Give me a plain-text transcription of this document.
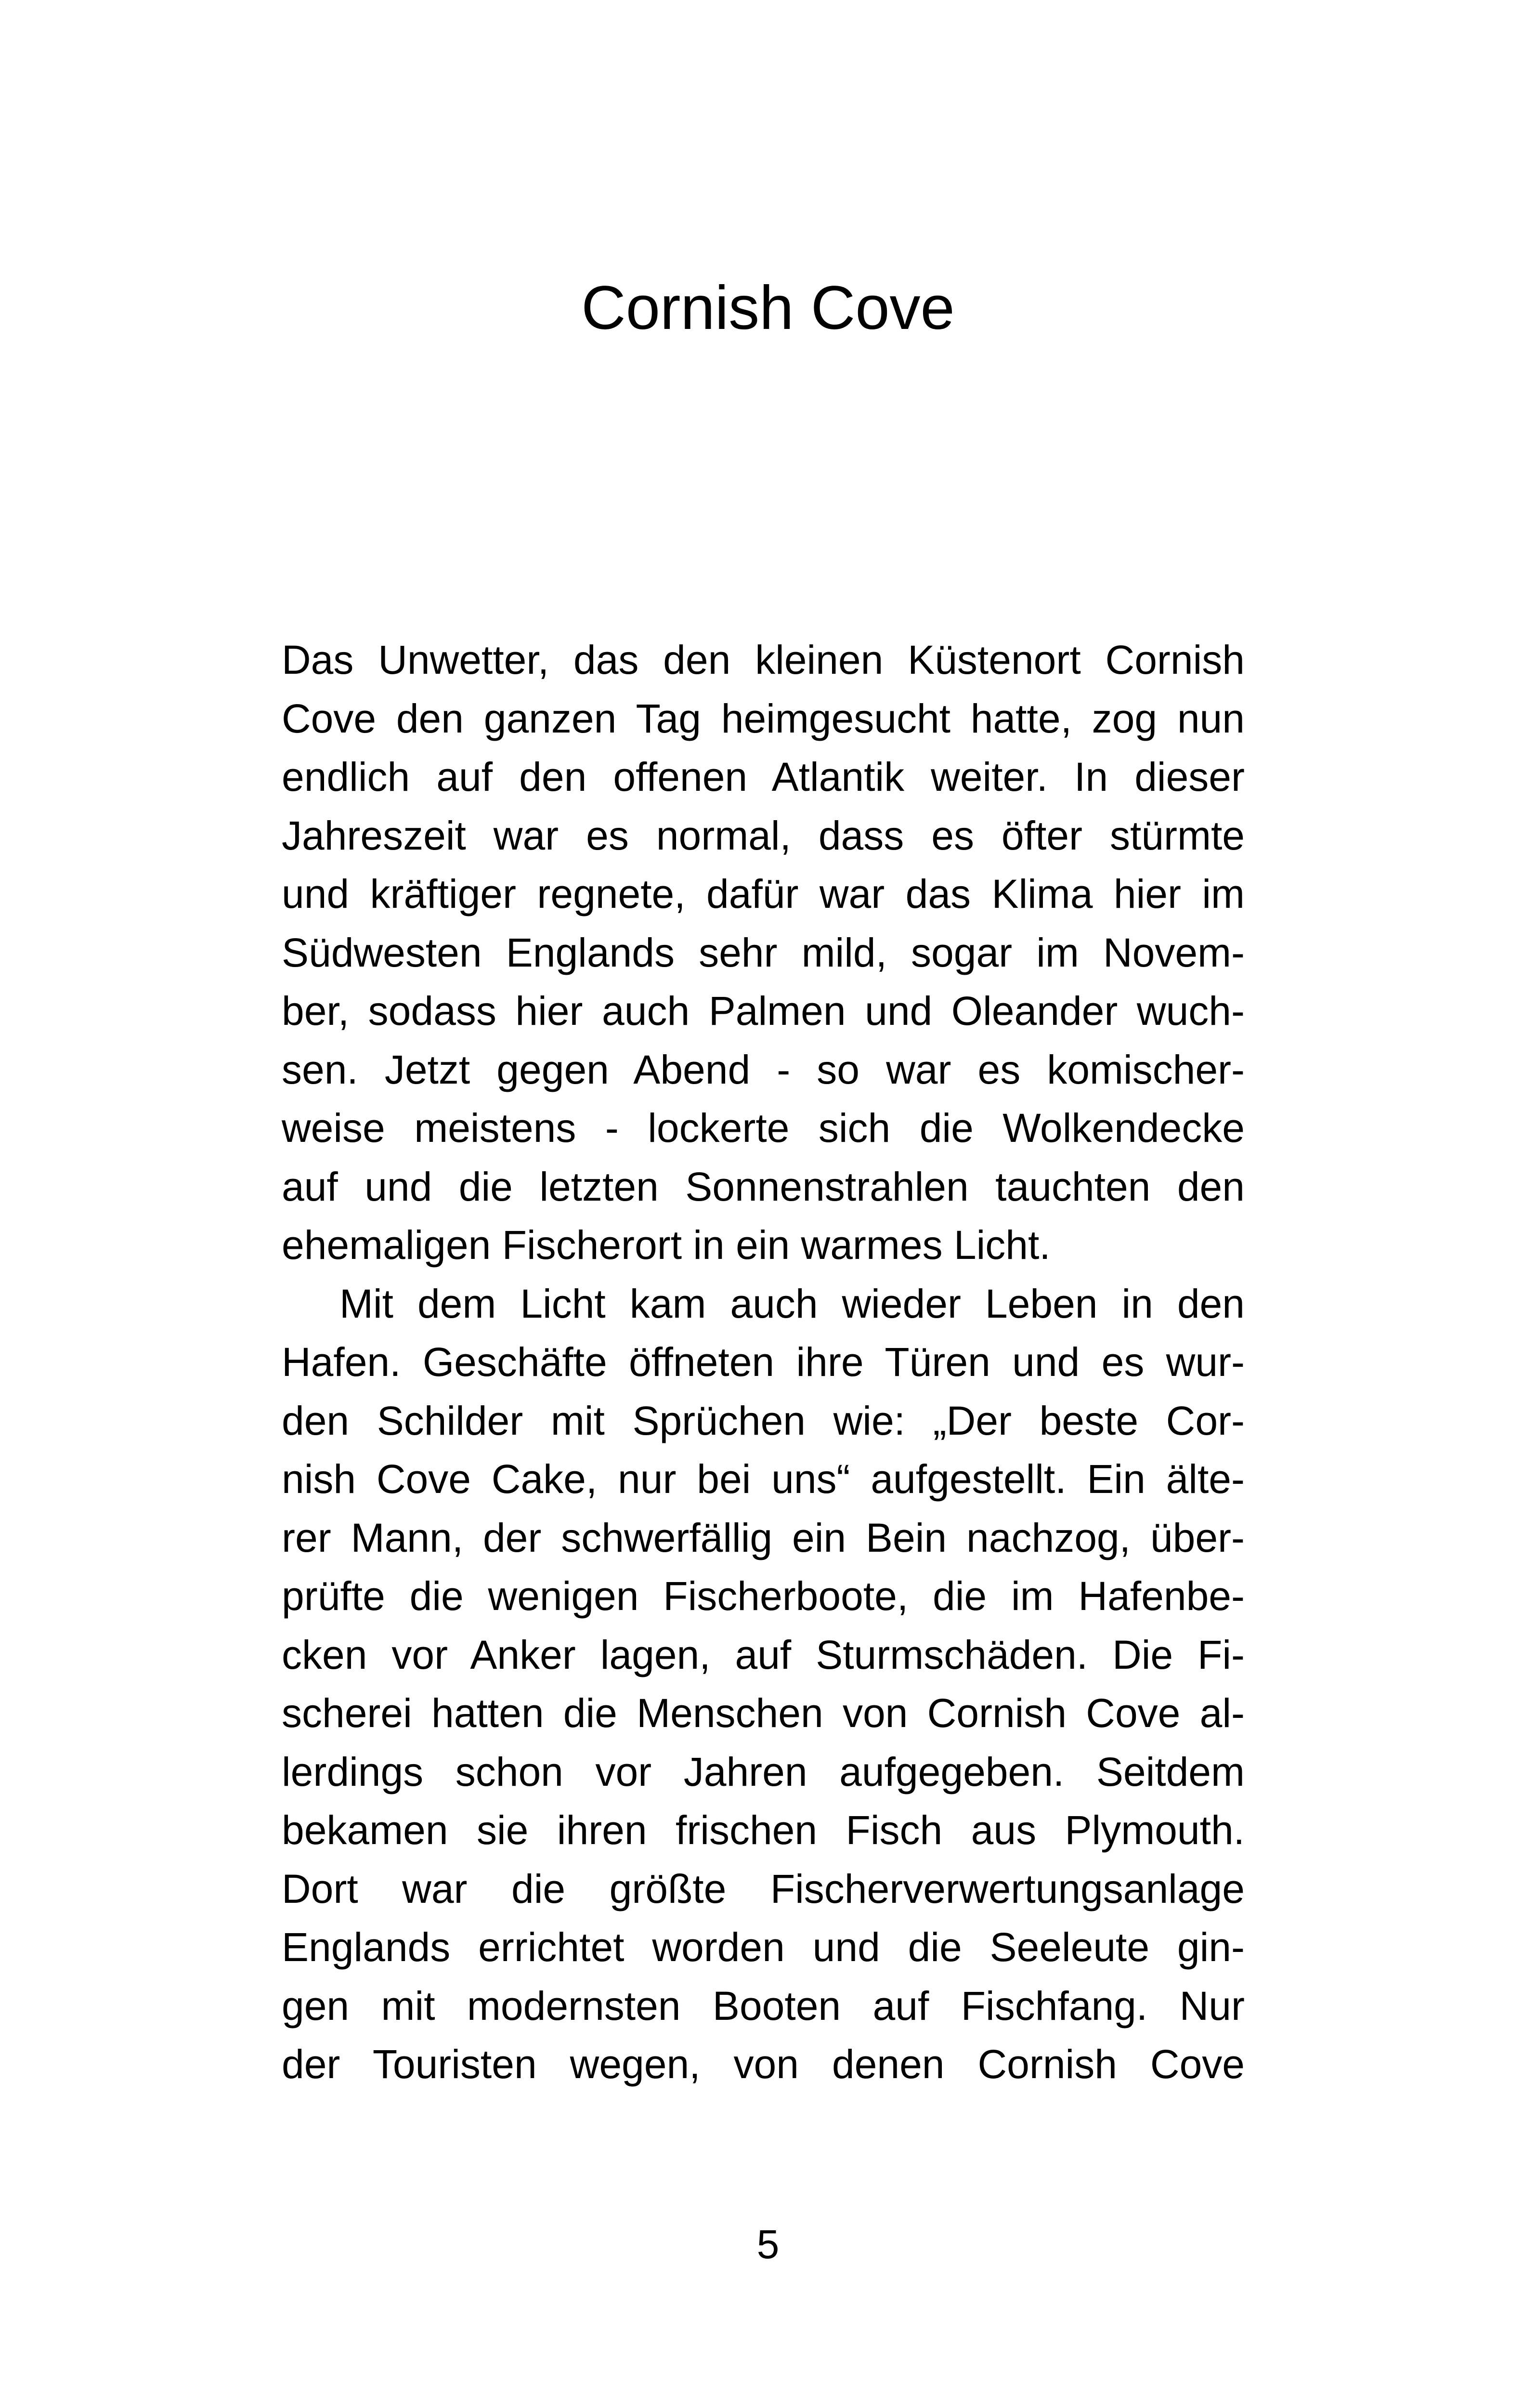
Cornish Cove
Das Unwetter, das den kleinen Küstenort Cornish
Cove den ganzen Tag heimgesucht hatte, zog nun
endlich auf den offenen Atlantik weiter. In dieser
Jahreszeit war es normal, dass es öfter stürmte
und kräftiger regnete, dafür war das Klima hier im
Südwesten Englands sehr mild, sogar im Novem-
ber, sodass hier auch Palmen und Oleander wuch-
sen. Jetzt gegen Abend - so war es komischer-
weise meistens - lockerte sich die Wolkendecke
auf und die letzten Sonnenstrahlen tauchten den
ehemaligen Fischerort in ein warmes Licht.
Mit dem Licht kam auch wieder Leben in den
Hafen. Geschäfte öffneten ihre Türen und es wur-
den Schilder mit Sprüchen wie: „Der beste Cor-
nish Cove Cake, nur bei uns“ aufgestellt. Ein älte-
rer Mann, der schwerfällig ein Bein nachzog, über-
prüfte die wenigen Fischerboote, die im Hafenbe-
cken vor Anker lagen, auf Sturmschäden. Die Fi-
scherei hatten die Menschen von Cornish Cove al-
lerdings schon vor Jahren aufgegeben. Seitdem
bekamen sie ihren frischen Fisch aus Plymouth.
Dort war die größte Fischerverwertungsanlage
Englands errichtet worden und die Seeleute gin-
gen mit modernsten Booten auf Fischfang. Nur
der Touristen wegen, von denen Cornish Cove
5
